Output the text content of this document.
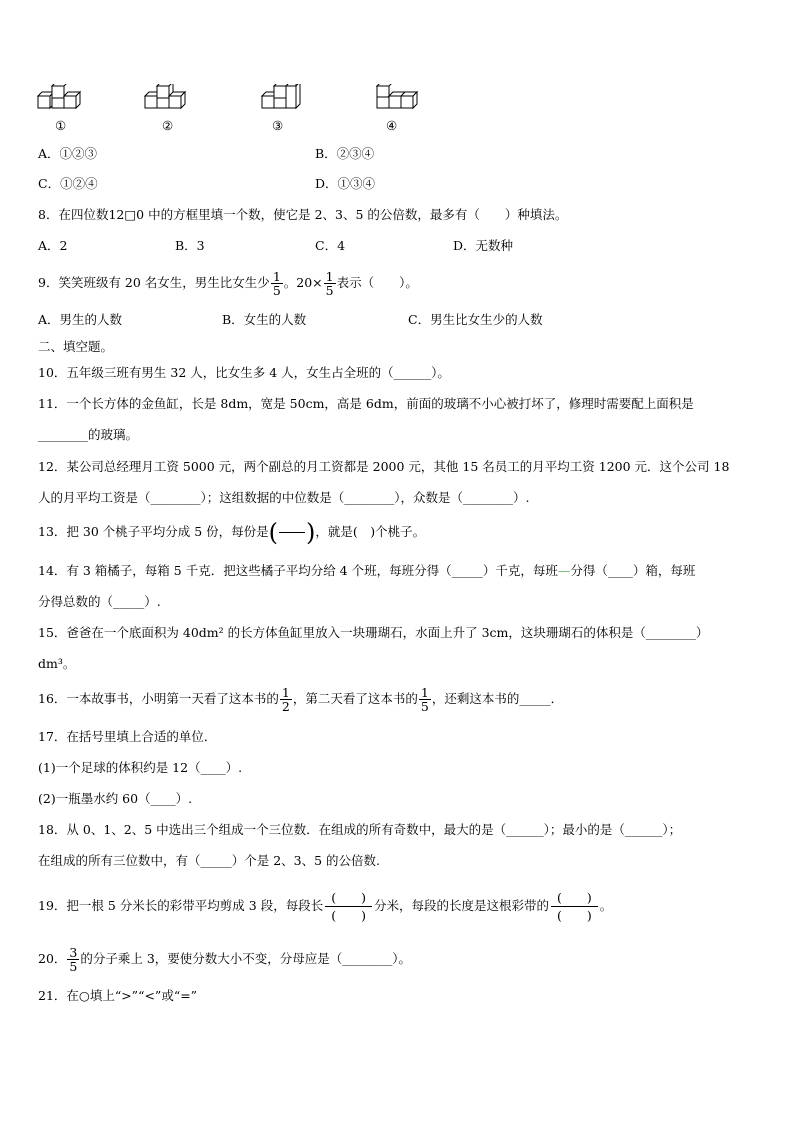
①	②	③	④
A．①②③	B．②③④
C．①②④	D．①③④
8．在四位数12□0 中的方框里填一个数，使它是 2、3、5 的公倍数，最多有（　　）种填法。
A．2	B．3	C．4	D．无数种
9．笑笑班级有 20 名女生，男生比女生少 $\frac{1}{5}$ 。$20\times \frac{1}{5}$ 表示（　　）。
A．男生的人数	B．女生的人数	C．男生比女生少的人数
二、填空题。
10．五年级三班有男生 32 人，比女生多 4 人，女生占全班的（______）。
11．一个长方体的金鱼缸，长是 8dm，宽是 50cm，高是 6dm，前面的玻璃不小心被打坏了，修理时需要配上面积是
________的玻璃。
12．某公司总经理月工资 5000 元，两个副总的月工资都是 2000 元，其他 15 名员工的月平均工资 1200 元．这个公司 18
人的月平均工资是（________）；这组数据的中位数是（________），众数是（________）.
13．把 30 个桃子平均分成 5 份，每份是( )，就是(　)个桃子。
14．有 3 箱橘子，每箱 5 千克．把这些橘子平均分给 4 个班，每班分得（_____）千克，每班—分得（____）箱，每班
分得总数的（_____）.
15．爸爸在一个底面积为 40dm² 的长方体鱼缸里放入一块珊瑚石，水面上升了 3cm，这块珊瑚石的体积是（________）
dm³。
16．一本故事书，小明第一天看了这本书的 $\frac{1}{2}$ ，第二天看了这本书的 $\frac{1}{5}$ ，还剩这本书的_____．
17．在括号里填上合适的单位．
(1)一个足球的体积约是 12（____）.
(2)一瓶墨水约 60（____）.
18．从 0、1、2、5 中选出三个组成一个三位数．在组成的所有奇数中，最大的是（______）；最小的是（______）；
在组成的所有三位数中，有（_____）个是 2、3、5 的公倍数.
19．把一根 5 分米长的彩带平均剪成 3 段，每段长
(　　)
(　　)
分米，每段的长度是这根彩带的
(　　)
(　　)
。
20． $\frac{3}{5}$ 的分子乘上 3，要使分数大小不变，分母应是（________）。
21．在○填上“>”“<”或“=”
